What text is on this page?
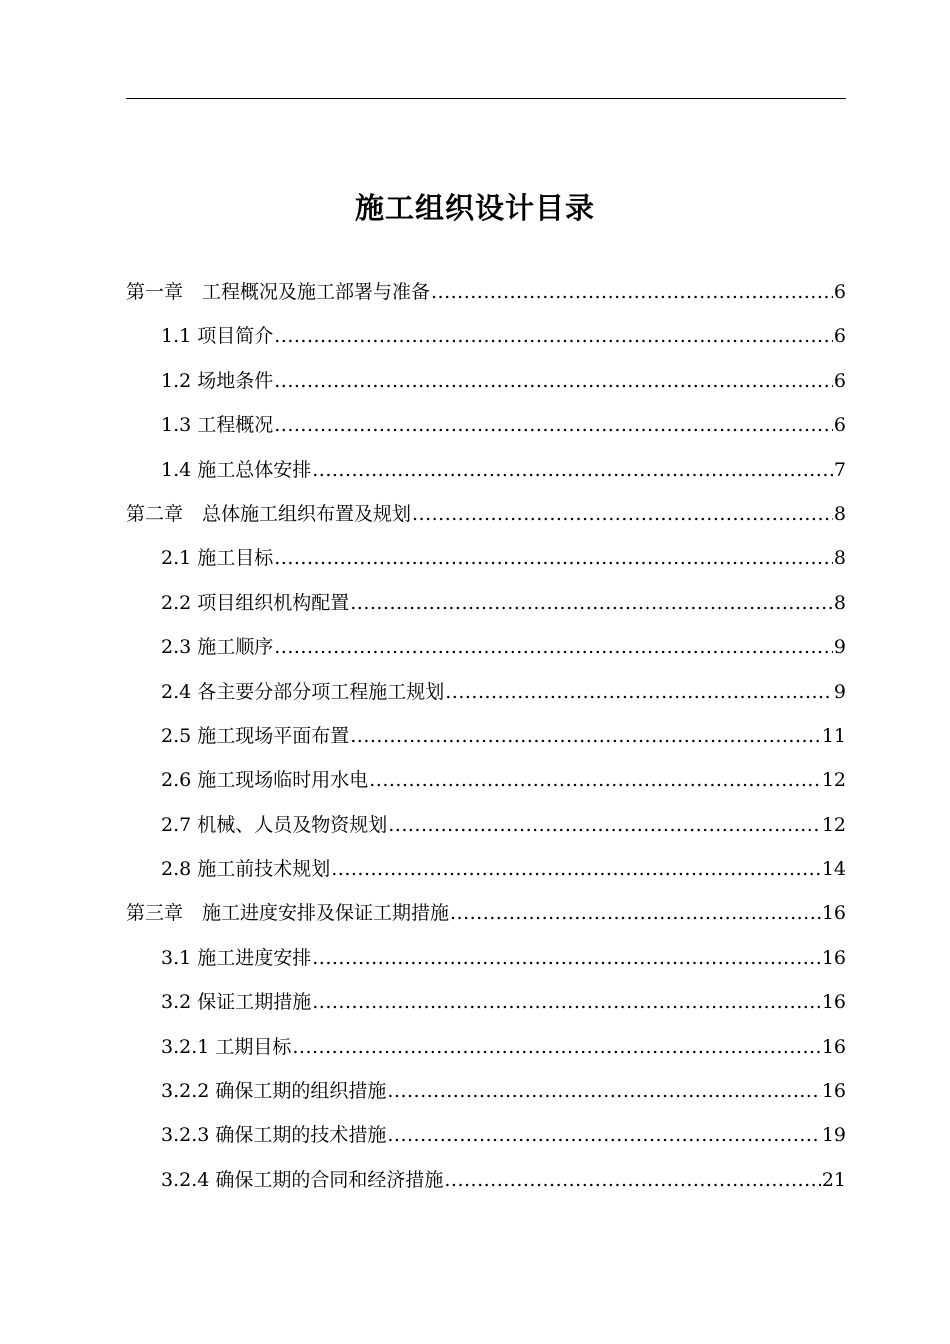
施工组织设计目录
第一章　工程概况及施工部署与准备 .....	6
1.1 项目简介 .....	6
1.2 场地条件 .....	6
1.3 工程概况 .....	6
1.4 施工总体安排 .....	7
第二章　总体施工组织布置及规划 .....	8
2.1 施工目标 .....	8
2.2 项目组织机构配置 .....	8
2.3 施工顺序 .....	9
2.4 各主要分部分项工程施工规划 .....	9
2.5 施工现场平面布置 .....	11
2.6 施工现场临时用水电 .....	12
2.7 机械、人员及物资规划 .....	12
2.8 施工前技术规划 .....	14
第三章　施工进度安排及保证工期措施 .....	16
3.1 施工进度安排 .....	16
3.2 保证工期措施 .....	16
3.2.1 工期目标 .....	16
3.2.2 确保工期的组织措施 .....	16
3.2.3 确保工期的技术措施 .....	19
3.2.4 确保工期的合同和经济措施 .....	21
